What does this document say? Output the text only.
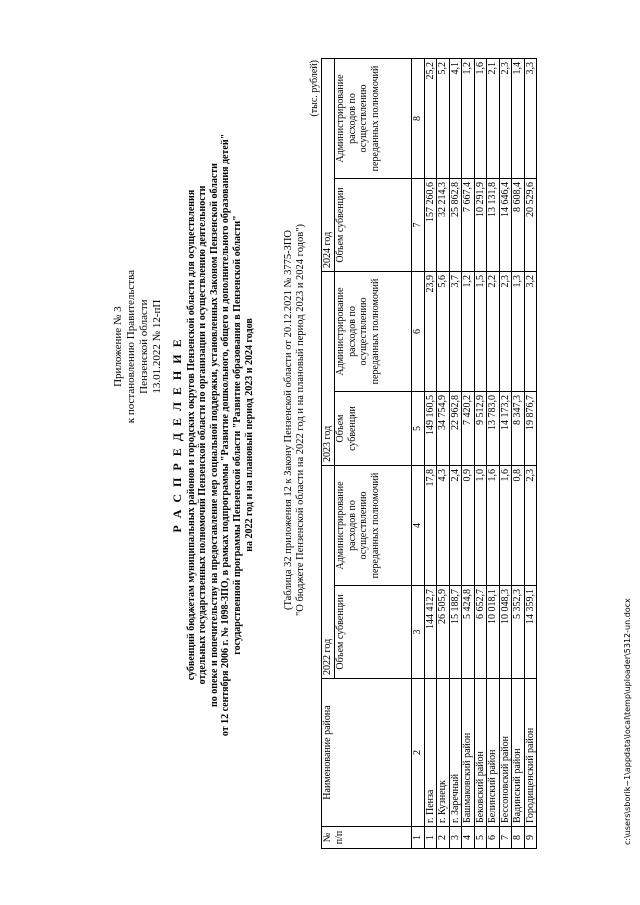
Приложение № 3 к постановлению Правительства Пензенской области 13.01.2022 № 12-пП Р А С П Р Е Д Е Л Е Н И Е субвенций бюджетам муниципальных районов и городских округов Пензенской области для осуществления отдельных государственных полномочий Пензенской области по организации и осуществлению деятельности по опеке и попечительству на предоставление мер социальной поддержки, установленных Законом Пензенской области от 12 сентября 2006 г. № 1098-ЗПО, в рамках подпрограммы "Развитие дошкольного, общего и дополнительного образования детей" государственной программы Пензенской области "Развитие образования в Пензенской области" на 2022 год и на плановый период 2023 и 2024 годов	(Таблица 32 приложения 12 к Закону Пензенской области от 20.12.2021 № 3775-ЗПО "О бюджете Пензенской области на 2022 год и на плановый период 2023 и 2024 годов")
(тыс. рублей)
№ п/п	Наименование района	2022 год		2023 год		2024 год	
		Объем субвенции	Администрирование расходов по осуществлению переданных полномочий	Объем субвенции	Администрирование расходов по осуществлению переданных полномочий	Объем субвенции	Администрирование расходов по осуществлению переданных полномочий
1	2	3	4	5	6	7	8
1	г. Пенза	144 412,7	17,8	149 160,5	23,9	157 260,6	25,2
2	г. Кузнецк	26 505,9	4,3	34 754,9	5,6	32 214,3	5,2
3	г. Заречный	15 188,7	2,4	22 962,8	3,7	25 862,8	4,1
4	Башмаковский район	5 424,8	0,9	7 420,2	1,2	7 667,4	1,2
5	Бековский район	6 652,7	1,0	9 512,9	1,5	10 291,9	1,6
6	Белинский район	10 018,1	1,6	13 783,0	2,2	13 131,8	2,1
7	Бессоновский район	10 048,3	1,6	14 173,2	2,3	14 646,4	2,3
8	Вадинский район	5 352,3	0,8	8 347,3	1,3	8 608,4	1,4
9	Городищенский район	14 359,1	2,3	19 876,7	3,2	20 529,6	3,3
c:\users\sborik~1\appdata\local\temp\uploader\5312-un.docx
